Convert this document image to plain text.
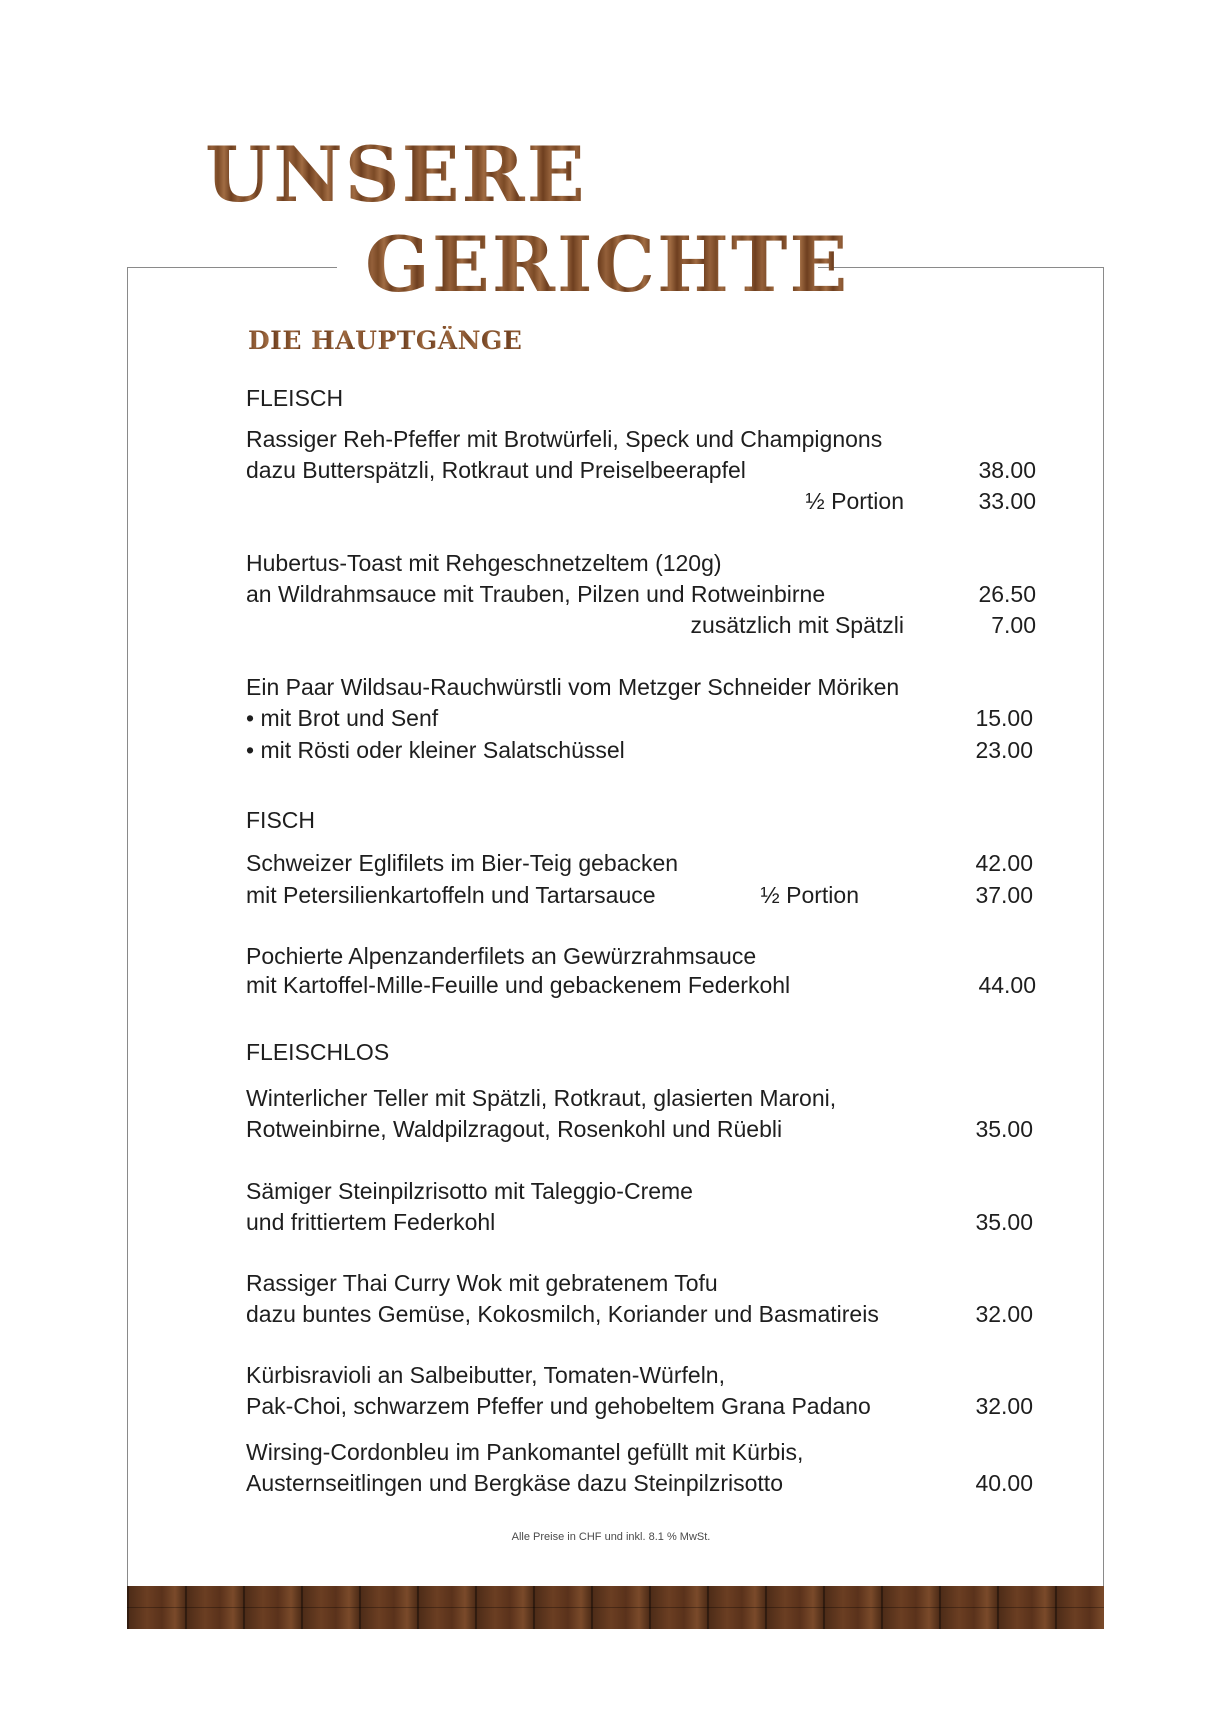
UNSERE
GERICHTE
DIE HAUPTGÄNGE
FLEISCH
Rassiger Reh-Pfeffer mit Brotwürfeli, Speck und Champignons
dazu Butterspätzli, Rotkraut und Preiselbeerapfel	38.00
½ Portion	33.00
Hubertus-Toast mit Rehgeschnetzeltem (120g)
an Wildrahmsauce mit Trauben, Pilzen und Rotweinbirne	26.50
zusätzlich mit Spätzli	7.00
Ein Paar Wildsau-Rauchwürstli vom Metzger Schneider Möriken
• mit Brot und Senf	15.00
• mit Rösti oder kleiner Salatschüssel	23.00
FISCH
Schweizer Eglifilets im Bier-Teig gebacken	42.00
mit Petersilienkartoffeln und Tartarsauce	½ Portion	37.00
Pochierte Alpenzanderfilets an Gewürzrahmsauce
mit Kartoffel-Mille-Feuille und gebackenem Federkohl	44.00
FLEISCHLOS
Winterlicher Teller mit Spätzli, Rotkraut, glasierten Maroni,
Rotweinbirne, Waldpilzragout, Rosenkohl und Rüebli	35.00
Sämiger Steinpilzrisotto mit Taleggio-Creme
und frittiertem Federkohl	35.00
Rassiger Thai Curry Wok mit gebratenem Tofu
dazu buntes Gemüse, Kokosmilch, Koriander und Basmatireis	32.00
Kürbisravioli an Salbeibutter, Tomaten-Würfeln,
Pak-Choi, schwarzem Pfeffer und gehobeltem Grana Padano	32.00
Wirsing-Cordonbleu im Pankomantel gefüllt mit Kürbis,
Austernseitlingen und Bergkäse dazu Steinpilzrisotto	40.00
Alle Preise in CHF und inkl. 8.1 % MwSt.
